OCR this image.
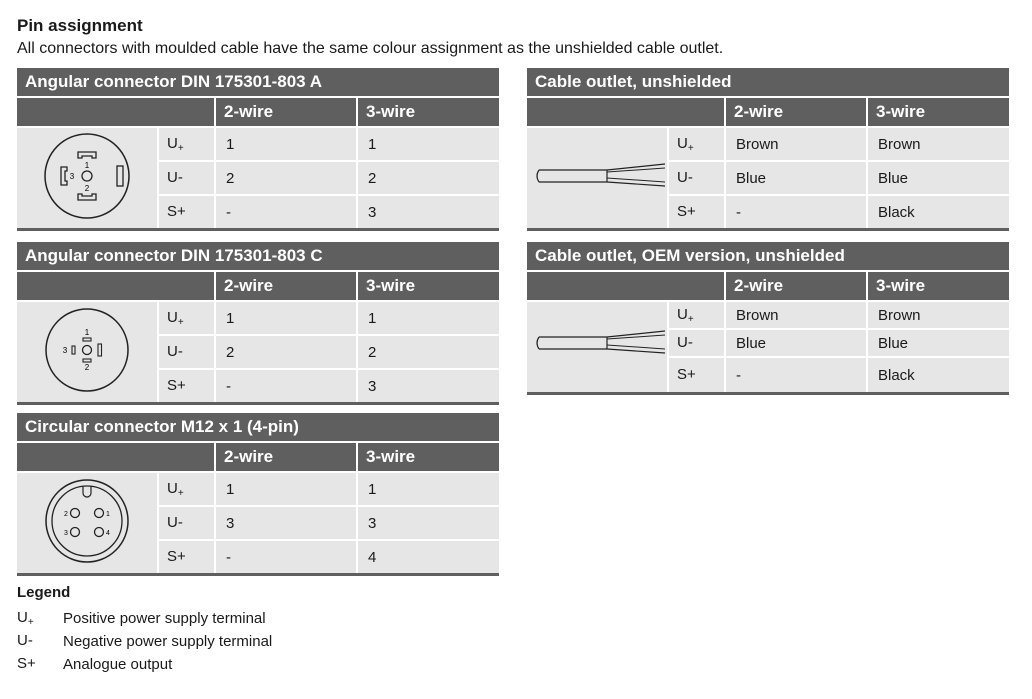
Pin assignment
All connectors with moulded cable have the same colour assignment as the unshielded cable outlet.
Angular connector DIN 175301-803 A			
		2-wire	3-wire

1
2
3	$U_+$	1	1
	U-	2	2
	S+	-	3

Angular connector DIN 175301-803 C			
		2-wire	3-wire

1
2
3	$U_+$	1	1
	U-	2	2
	S+	-	3

Circular connector M12 x 1 (4-pin)			
		2-wire	3-wire

1
2
3 4	$U_+$	1	1
	U-	3	3
	S+	-	4

Cable outlet, unshielded			
		2-wire	3-wire
	$U_+$	Brown	Brown
	U-	Blue	Blue
	S+	-	Black

Cable outlet, OEM version, unshielded			
		2-wire	3-wire
	$U_+$	Brown	Brown
	U-	Blue	Blue
	S+	-	Black

Legend
$U_+$	Positive power supply terminal
U-	Negative power supply terminal
S+	Analogue output
